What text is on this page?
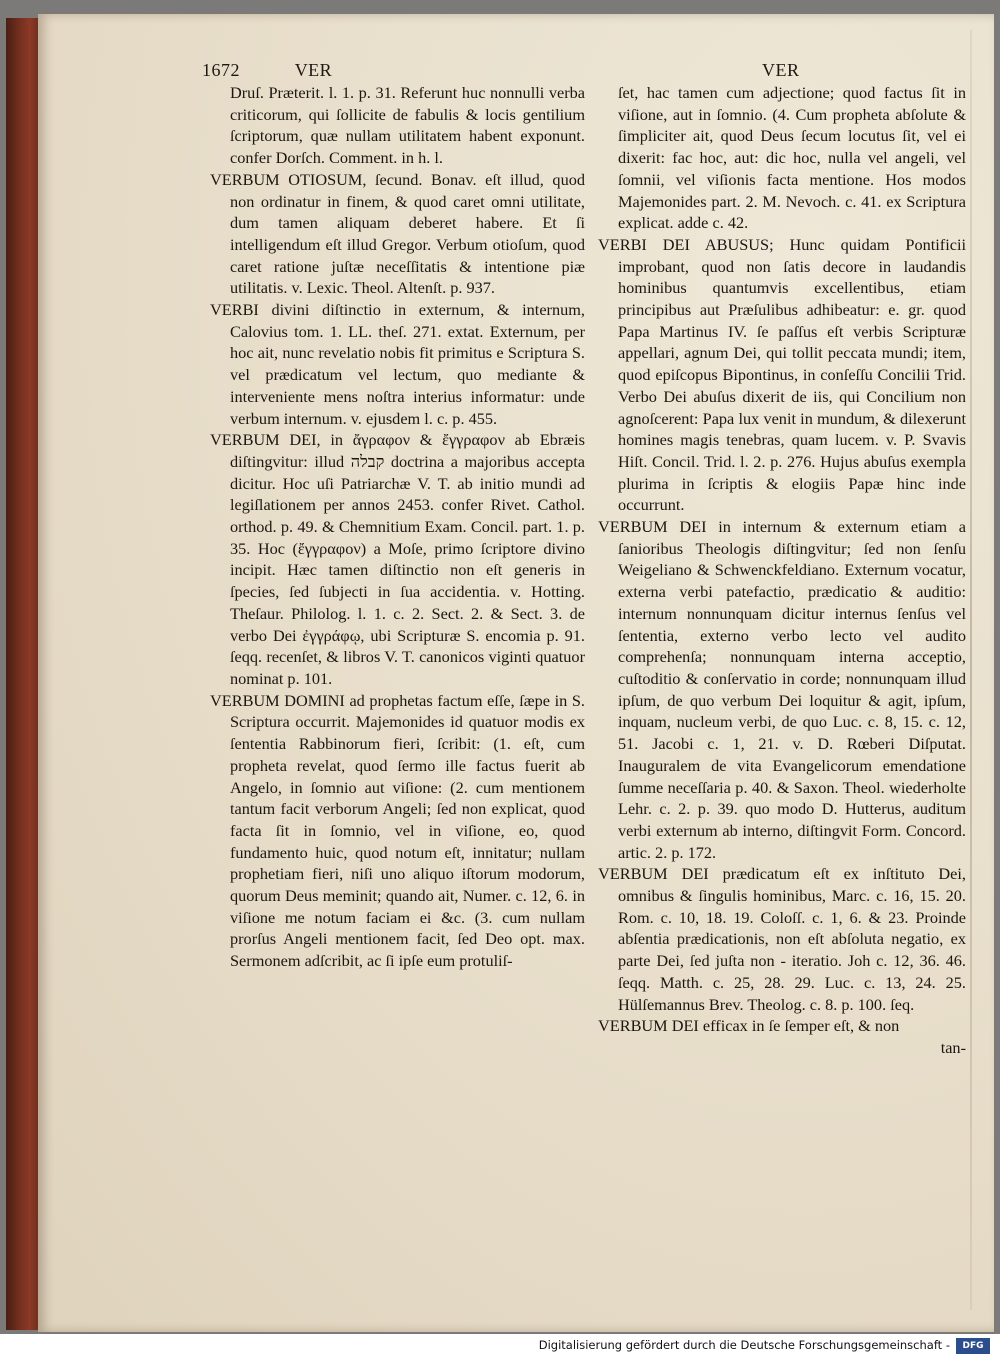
1672	VER	VER

Druſ. Præterit. l. 1. p. 31. Referunt huc nonnulli verba criticorum, qui ſollicite de fabulis & locis gentilium ſcriptorum, quæ nullam utilitatem habent exponunt. confer Dorſch. Comment. in h. l.

VERBUM OTIOSUM, ſecund. Bonav. eſt illud, quod non ordinatur in finem, & quod caret omni utilitate, dum tamen aliquam deberet habere. Et ſi intelligendum eſt illud Gregor. Verbum otioſum, quod caret ratione juſtæ neceſſitatis & intentione piæ utilitatis. v. Lexic. Theol. Altenſt. p. 937.

VERBI divini diſtinctio in externum, & internum, Calovius tom. 1. LL. theſ. 271. extat. Externum, per hoc ait, nunc revelatio nobis fit primitus e Scriptura S. vel prædicatum vel lectum, quo mediante & interveniente mens noſtra interius informatur: unde verbum internum. v. ejusdem l. c. p. 455.

VERBUM DEI, in ἄγραφον & ἔγγραφον ab Ebræis diſtingvitur: illud קבלה doctrina a majoribus accepta dicitur. Hoc uſi Patriarchæ V. T. ab initio mundi ad legiſlationem per annos 2453. confer Rivet. Cathol. orthod. p. 49. & Chemnitium Exam. Concil. part. 1. p. 35. Hoc (ἔγγραφον) a Moſe, primo ſcriptore divino incipit. Hæc tamen diſtinctio non eſt generis in ſpecies, ſed ſubjecti in ſua accidentia. v. Hotting. Theſaur. Philolog. l. 1. c. 2. Sect. 2. & Sect. 3. de verbo Dei ἐγγράφῳ, ubi Scripturæ S. encomia p. 91. ſeqq. recenſet, & libros V. T. canonicos viginti quatuor nominat p. 101.

VERBUM DOMINI ad prophetas factum eſſe, ſæpe in S. Scriptura occurrit. Majemonides id quatuor modis ex ſententia Rabbinorum fieri, ſcribit: (1. eſt, cum propheta revelat, quod ſermo ille factus fuerit ab Angelo, in ſomnio aut viſione: (2. cum mentionem tantum facit verborum Angeli; ſed non explicat, quod facta ſit in ſomnio, vel in viſione, eo, quod fundamento huic, quod notum eſt, innitatur; nullam prophetiam fieri, niſi uno aliquo iſtorum modorum, quorum Deus meminit; quando ait, Numer. c. 12, 6. in viſione me notum faciam ei &c. (3. cum nullam prorſus Angeli mentionem facit, ſed Deo opt. max. Sermonem adſcribit, ac ſi ipſe eum protuliſ-

ſet, hac tamen cum adjectione; quod factus ſit in viſione, aut in ſomnio. (4. Cum propheta abſolute & ſimpliciter ait, quod Deus ſecum locutus ſit, vel ei dixerit: fac hoc, aut: dic hoc, nulla vel angeli, vel ſomnii, vel viſionis facta mentione. Hos modos Majemonides part. 2. M. Nevoch. c. 41. ex Scriptura explicat. adde c. 42.

VERBI DEI ABUSUS; Hunc quidam Pontificii improbant, quod non ſatis decore in laudandis hominibus quantumvis excellentibus, etiam principibus aut Præſulibus adhibeatur: e. gr. quod Papa Martinus IV. ſe paſſus eſt verbis Scripturæ appellari, agnum Dei, qui tollit peccata mundi; item, quod epiſcopus Bipontinus, in conſeſſu Concilii Trid. Verbo Dei abuſus dixerit de iis, qui Concilium non agnoſcerent: Papa lux venit in mundum, & dilexerunt homines magis tenebras, quam lucem. v. P. Svavis Hiſt. Concil. Trid. l. 2. p. 276. Hujus abuſus exempla plurima in ſcriptis & elogiis Papæ hinc inde occurrunt.

VERBUM DEI in internum & externum etiam a ſanioribus Theologis diſtingvitur; ſed non ſenſu Weigeliano & Schwenckfeldiano. Externum vocatur, externa verbi patefactio, prædicatio & auditio: internum nonnunquam dicitur internus ſenſus vel ſententia, externo verbo lecto vel audito comprehenſa; nonnunquam interna acceptio, cuſtoditio & conſervatio in corde; nonnunquam illud ipſum, de quo verbum Dei loquitur & agit, ipſum, inquam, nucleum verbi, de quo Luc. c. 8, 15. c. 12, 51. Jacobi c. 1, 21. v. D. Rœberi Diſputat. Inauguralem de vita Evangelicorum emendatione ſumme neceſſaria p. 40. & Saxon. Theol. wiederholte Lehr. c. 2. p. 39. quo modo D. Hutterus, auditum verbi externum ab interno, diſtingvit Form. Concord. artic. 2. p. 172.

VERBUM DEI prædicatum eſt ex inſtituto Dei, omnibus & ſingulis hominibus, Marc. c. 16, 15. 20. Rom. c. 10, 18. 19. Coloſſ. c. 1, 6. & 23. Proinde abſentia prædicationis, non eſt abſoluta negatio, ex parte Dei, ſed juſta non - iteratio. Joh c. 12, 36. 46. ſeqq. Matth. c. 25, 28. 29. Luc. c. 13, 24. 25. Hülſemannus Brev. Theolog. c. 8. p. 100. ſeq.

VERBUM DEI efficax in ſe ſemper eſt, & non

tan-
Digitalisierung gefördert durch die Deutsche Forschungsgemeinschaft -	DFG
